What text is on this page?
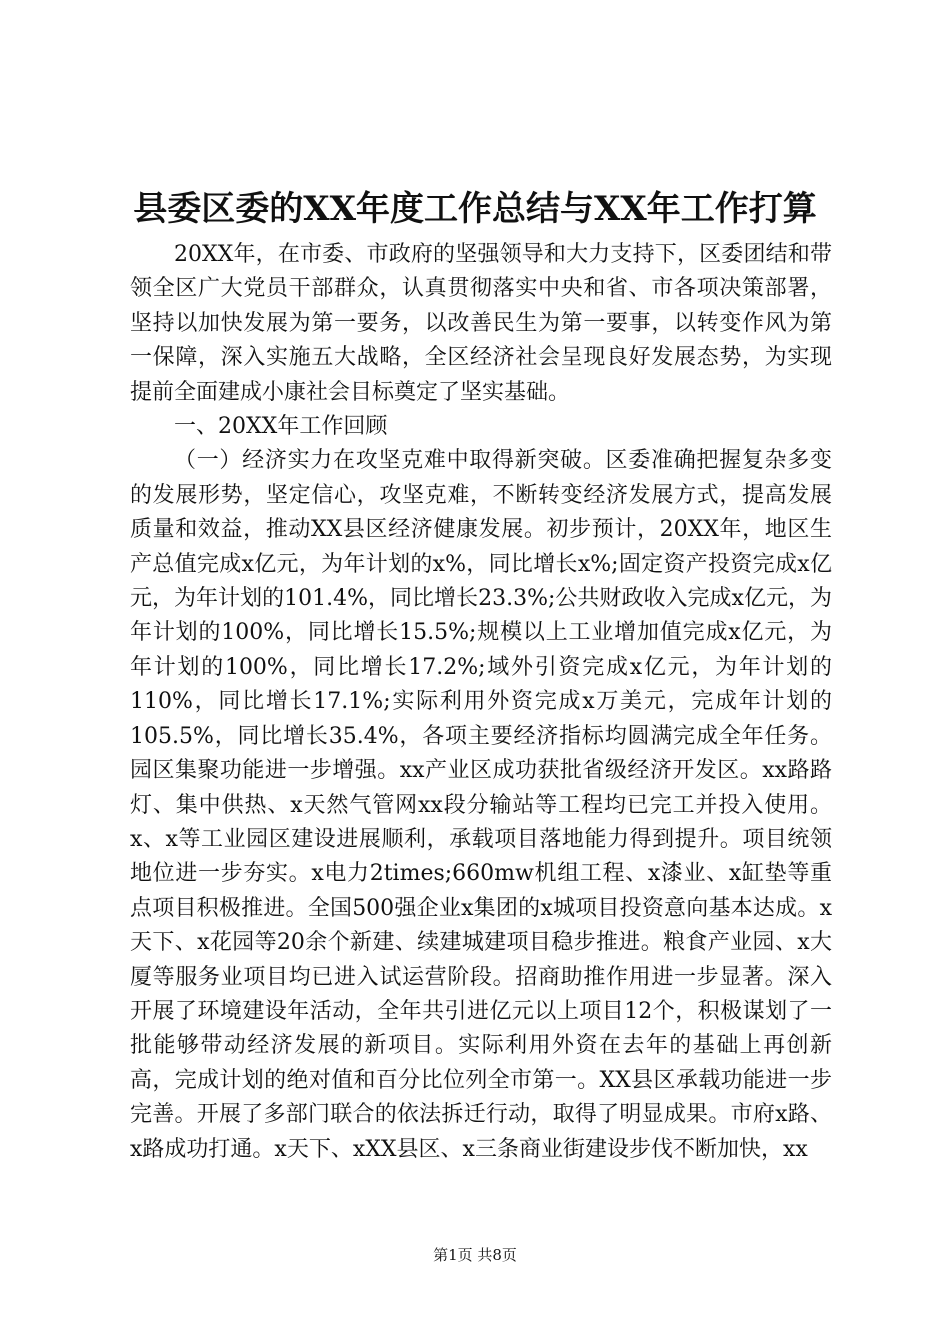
县委区委的XX年度工作总结与XX年工作打算

20XX年，在市委、市政府的坚强领导和大力支持下，区委团结和带领全区广大党员干部群众，认真贯彻落实中央和省、市各项决策部署，坚持以加快发展为第一要务，以改善民生为第一要事，以转变作风为第一保障，深入实施五大战略，全区经济社会呈现良好发展态势，为实现提前全面建成小康社会目标奠定了坚实基础。

一、20XX年工作回顾

（一）经济实力在攻坚克难中取得新突破。区委准确把握复杂多变的发展形势，坚定信心，攻坚克难，不断转变经济发展方式，提高发展质量和效益，推动XX县区经济健康发展。初步预计，20XX年，地区生产总值完成x亿元，为年计划的x%，同比增长x%;固定资产投资完成x亿元，为年计划的101.4%，同比增长23.3%;公共财政收入完成x亿元，为年计划的100%，同比增长15.5%;规模以上工业增加值完成x亿元，为年计划的100%，同比增长17.2%;域外引资完成x亿元，为年计划的110%，同比增长17.1%;实际利用外资完成x万美元，完成年计划的105.5%，同比增长35.4%，各项主要经济指标均圆满完成全年任务。园区集聚功能进一步增强。xx产业区成功获批省级经济开发区。xx路路灯、集中供热、x天然气管网xx段分输站等工程均已完工并投入使用。x、x等工业园区建设进展顺利，承载项目落地能力得到提升。项目统领地位进一步夯实。x电力2times;660mw机组工程、x漆业、x缸垫等重点项目积极推进。全国500强企业x集团的x城项目投资意向基本达成。x天下、x花园等20余个新建、续建城建项目稳步推进。粮食产业园、x大厦等服务业项目均已进入试运营阶段。招商助推作用进一步显著。深入开展了环境建设年活动，全年共引进亿元以上项目12个，积极谋划了一批能够带动经济发展的新项目。实际利用外资在去年的基础上再创新高，完成计划的绝对值和百分比位列全市第一。XX县区承载功能进一步完善。开展了多部门联合的依法拆迁行动，取得了明显成果。市府x路、x路成功打通。x天下、xXX县区、x三条商业街建设步伐不断加快，xx

第1页 共8页
